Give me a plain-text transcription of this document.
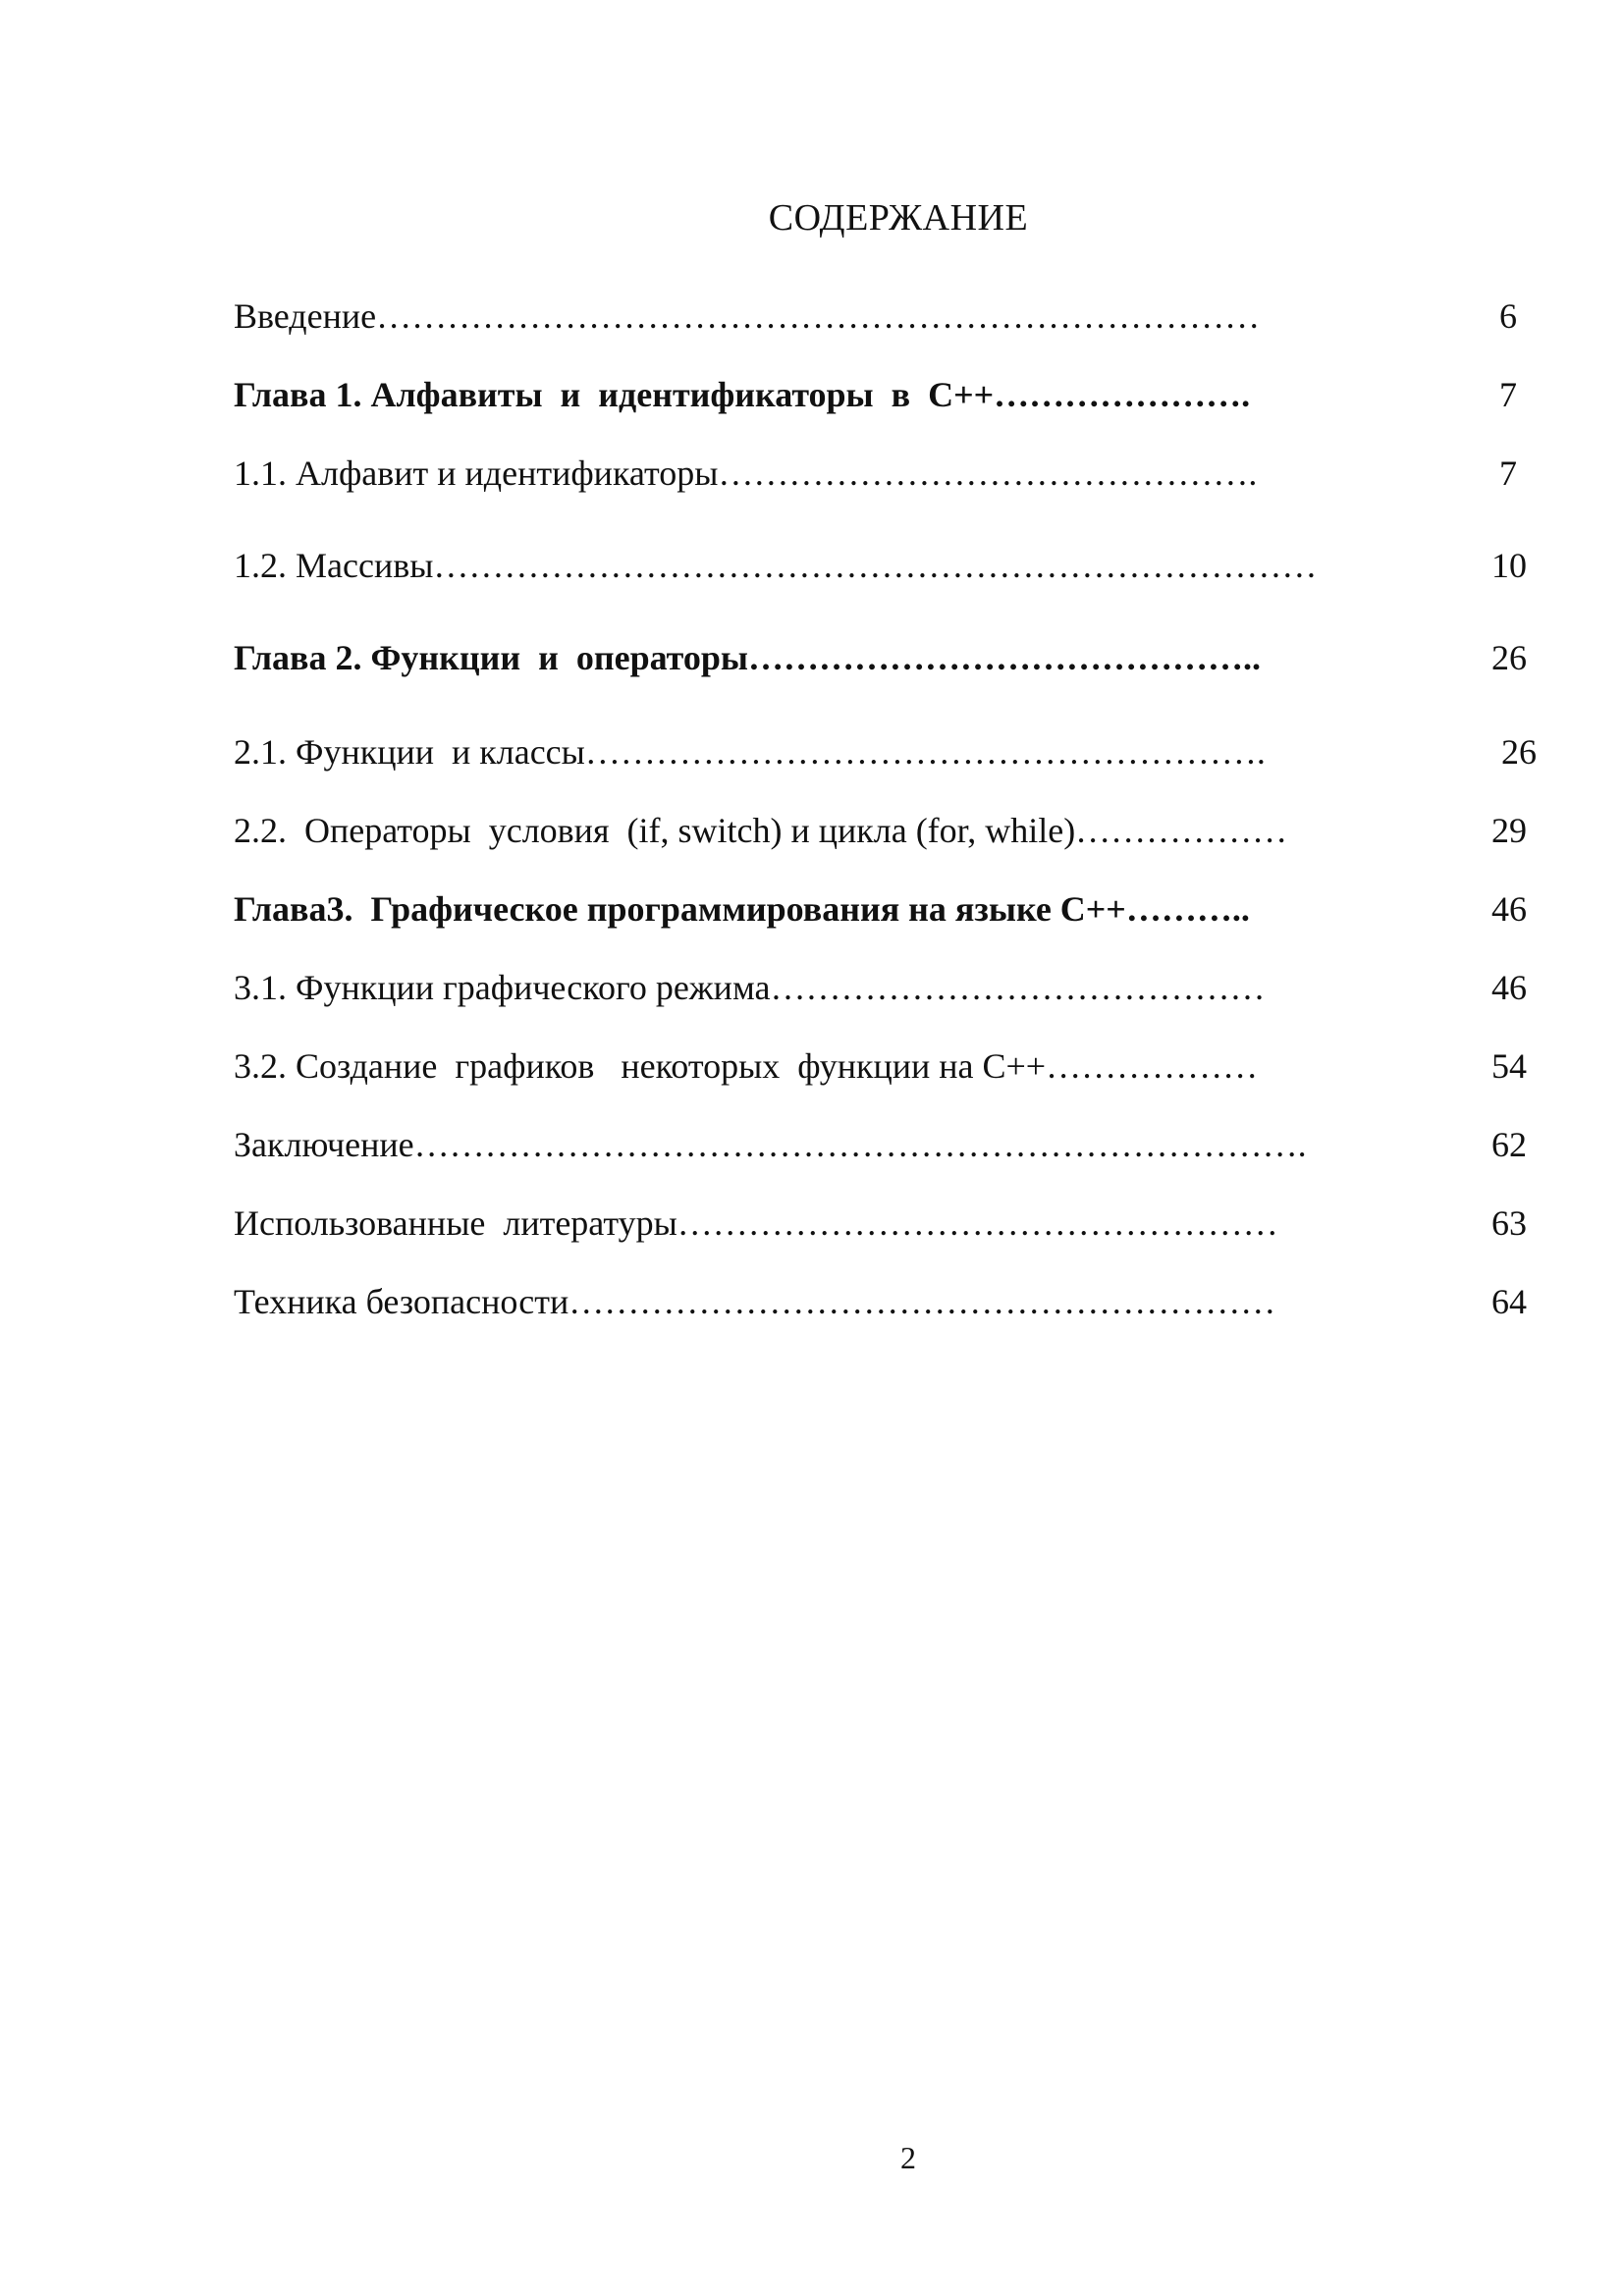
СОДЕРЖАНИЕ
Введение…………………………………………………………………	6
Глава 1. Алфавиты  и  идентификаторы  в  С++………………….	7
1.1. Алфавит и идентификаторы……………………………………….	7
1.2. Массивы…………………………………………………………………	10
Глава 2. Функции  и  операторы……………………………………..	26
2.1. Функции  и классы………………………………………………….	26
2.2.  Операторы  условия  (if, switch) и цикла (for, while)………………	29
Глава3.  Графическое программирования на языке С++………..	46
3.1. Функции графического режима……………………………………	46
3.2. Создание  графиков   некоторых  функции на С++………………	54
Заключение………………………………………………………………….	62
Использованные  литературы……………………………………………	63
Техника безопасности……………………………………………………	64
2
